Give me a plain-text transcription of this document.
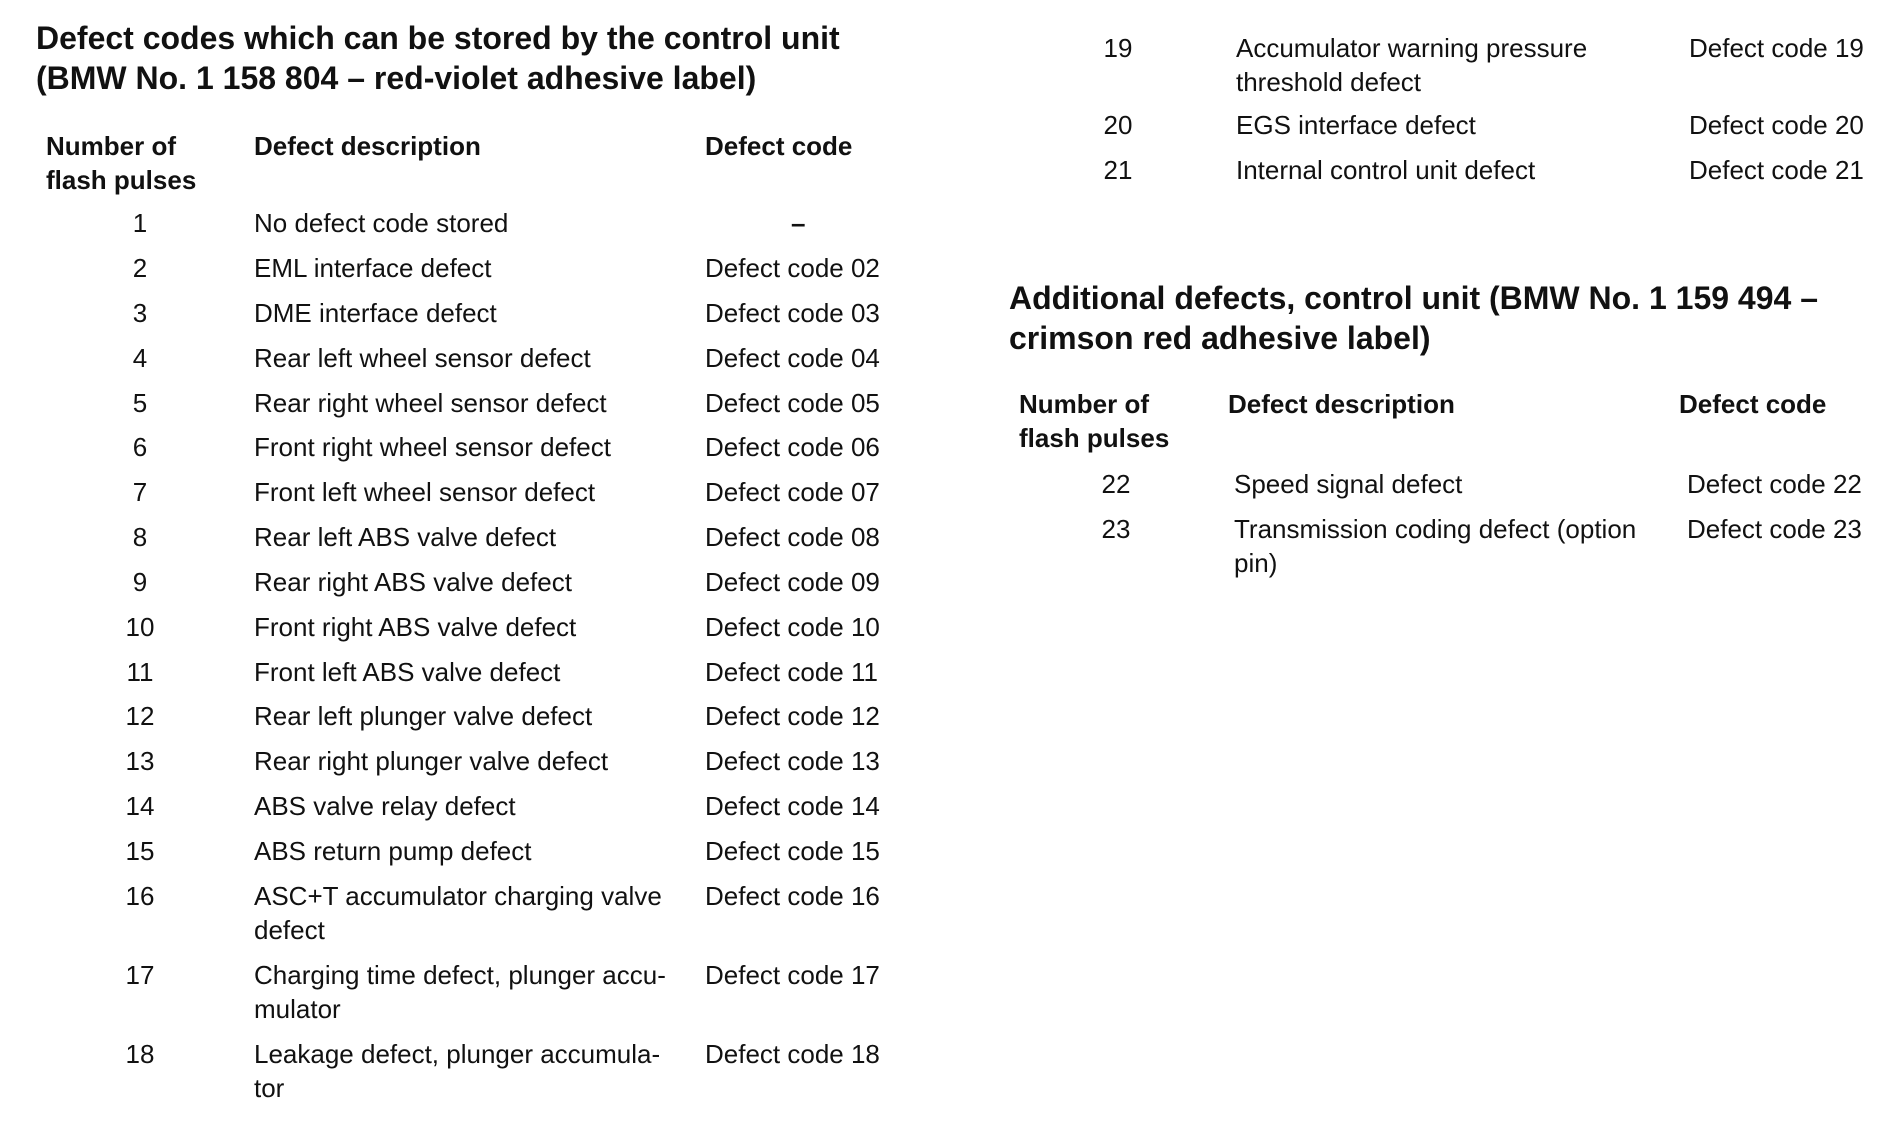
Defect codes which can be stored by the control unit
(BMW No. 1 158 804 – red-violet adhesive label)
Number of
flash pulses
Defect description	Defect code
1	No defect code stored	–
2	EML interface defect	Defect code 02
3	DME interface defect	Defect code 03
4	Rear left wheel sensor defect	Defect code 04
5	Rear right wheel sensor defect	Defect code 05
6	Front right wheel sensor defect	Defect code 06
7	Front left wheel sensor defect	Defect code 07
8	Rear left ABS valve defect	Defect code 08
9	Rear right ABS valve defect	Defect code 09
10	Front right ABS valve defect	Defect code 10
11	Front left ABS valve defect	Defect code 11
12	Rear left plunger valve defect	Defect code 12
13	Rear right plunger valve defect	Defect code 13
14	ABS valve relay defect	Defect code 14
15	ABS return pump defect	Defect code 15
16	ASC+T accumulator charging valve
defect
Defect code 16
17	Charging time defect, plunger accu-
mulator
Defect code 17
18	Leakage defect, plunger accumula-
tor
Defect code 18
19	Accumulator warning pressure
threshold defect
Defect code 19
20	EGS interface defect	Defect code 20
21	Internal control unit defect	Defect code 21
Additional defects, control unit (BMW No. 1 159 494 –
crimson red adhesive label)
Number of
flash pulses
Defect description	Defect code
22	Speed signal defect	Defect code 22
23	Transmission coding defect (option
pin)
Defect code 23
